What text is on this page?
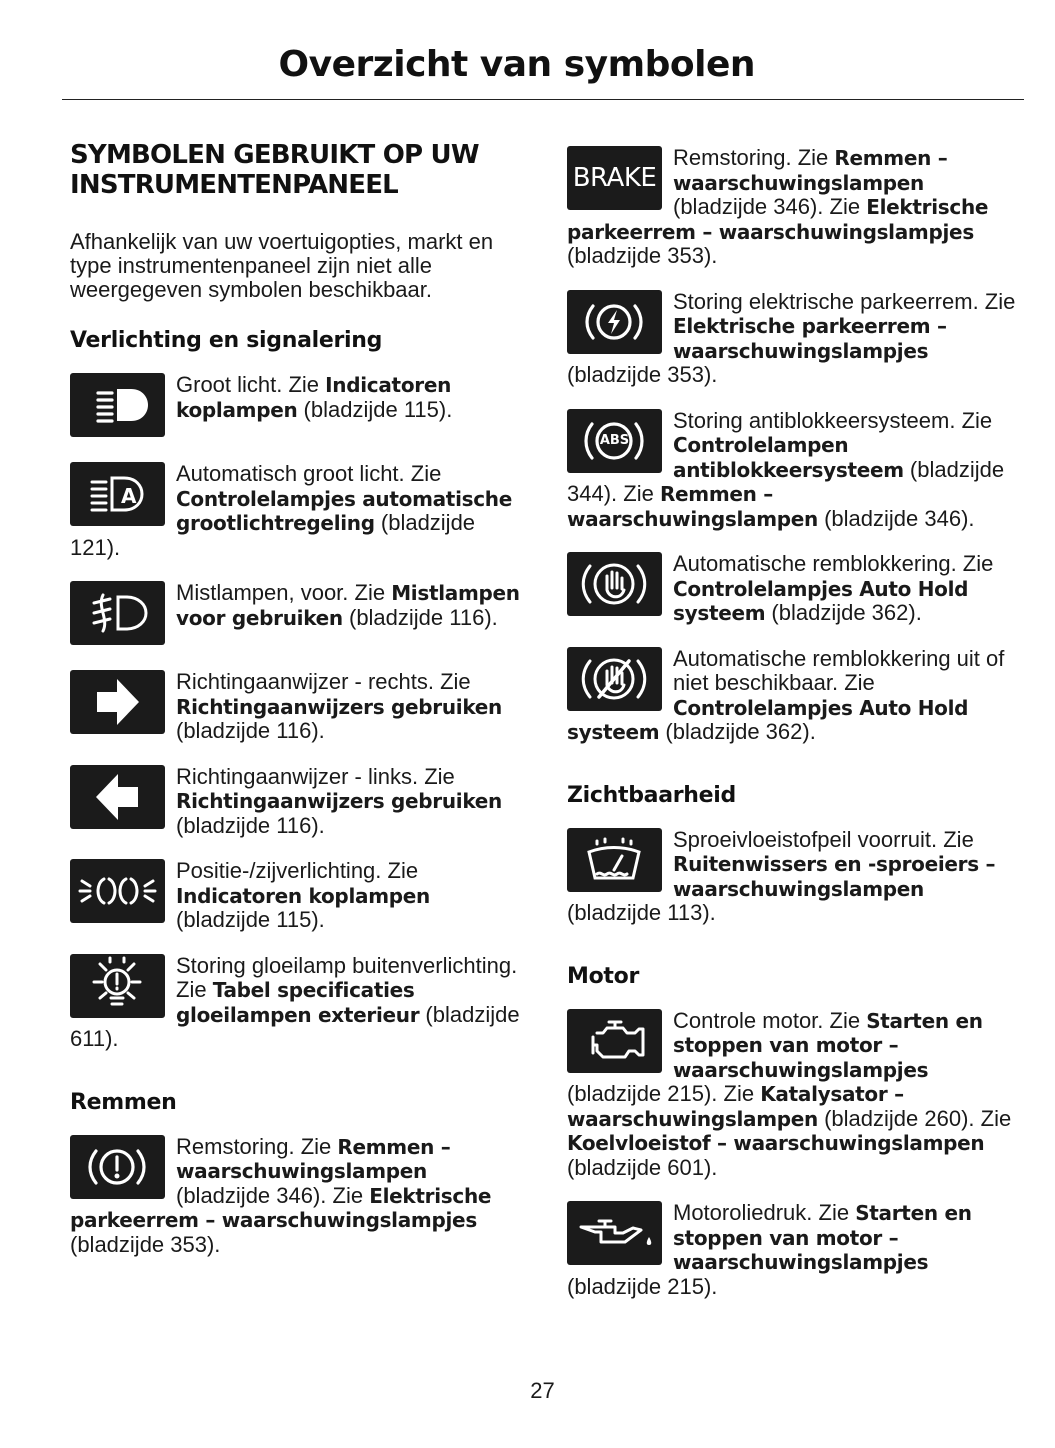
Overzicht van symbolen
SYMBOLEN GEBRUIKT OP UW INSTRUMENTENPANEEL

Afhankelijk van uw voertuigopties, markt en type instrumentenpaneel zijn niet alle weergegeven symbolen beschikbaar.

Verlichting en signalering
Groot licht. Zie Indicatoren koplampen (bladzijde 115).
A
Automatisch groot licht. Zie Controlelampjes automatische grootlichtregeling (bladzijde 121).
Mistlampen, voor. Zie Mistlampen voor gebruiken (bladzijde 116).
Richtingaanwijzer - rechts. Zie Richtingaanwijzers gebruiken (bladzijde 116).
Richtingaanwijzer - links. Zie Richtingaanwijzers gebruiken (bladzijde 116).
Positie-/zijverlichting. Zie Indicatoren koplampen (bladzijde 115).
Storing gloeilamp buitenverlichting. Zie Tabel specificaties gloeilampen exterieur (bladzijde 611).
Remmen
Remstoring. Zie Remmen – waarschuwingslampen (bladzijde 346). Zie Elektrische parkeerrem – waarschuwingslampjes (bladzijde 353).
BRAKE
Remstoring. Zie Remmen – waarschuwingslampen (bladzijde 346). Zie Elektrische parkeerrem – waarschuwingslampjes (bladzijde 353).
Storing elektrische parkeerrem. Zie Elektrische parkeerrem – waarschuwingslampjes (bladzijde 353).
ABS
Storing antiblokkeersysteem. Zie Controlelampen antiblokkeersysteem (bladzijde 344). Zie Remmen – waarschuwingslampen (bladzijde 346).
Automatische remblokkering. Zie Controlelampjes Auto Hold systeem (bladzijde 362).
Automatische remblokkering uit of niet beschikbaar. Zie Controlelampjes Auto Hold systeem (bladzijde 362).
Zichtbaarheid
Sproeivloeistofpeil voorruit. Zie Ruitenwissers en -sproeiers – waarschuwingslampen (bladzijde 113).
Motor
Controle motor. Zie Starten en stoppen van motor – waarschuwingslampjes (bladzijde 215). Zie Katalysator – waarschuwingslampen (bladzijde 260). Zie Koelvloeistof – waarschuwingslampen (bladzijde 601).
Motoroliedruk. Zie Starten en stoppen van motor – waarschuwingslampjes (bladzijde 215).
27
